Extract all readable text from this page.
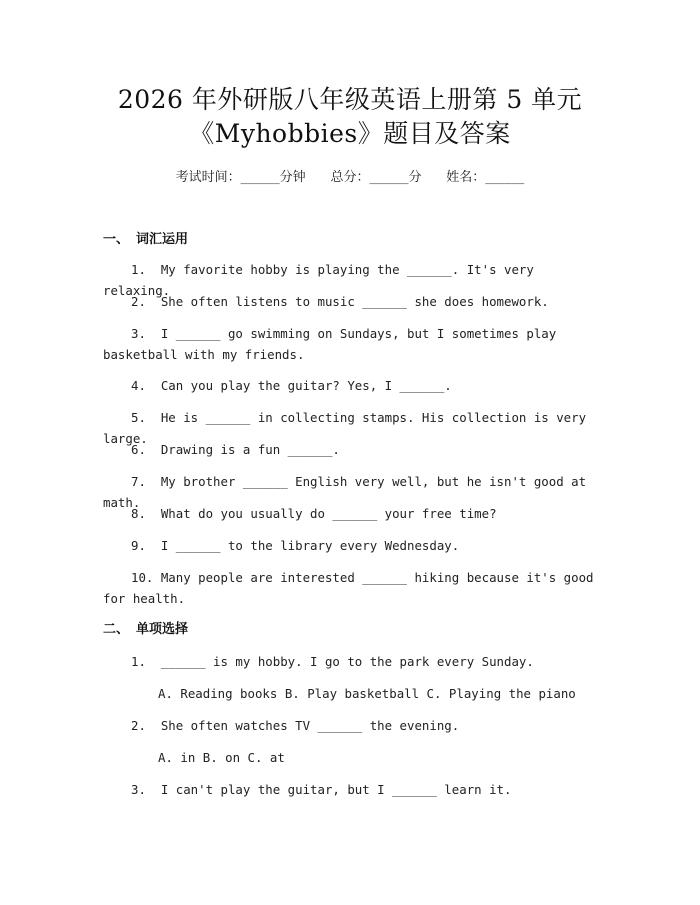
2026 年外研版八年级英语上册第 5 单元
《Myhobbies》题目及答案
考试时间：______分钟 总分：______分 姓名：______
一、 词汇运用
1.  My favorite hobby is playing the ______. It's very relaxing.
2.  She often listens to music ______ she does homework.
3.  I ______ go swimming on Sundays, but I sometimes play basketball with my friends.
4.  Can you play the guitar? Yes, I ______.
5.  He is ______ in collecting stamps. His collection is very large.
6.  Drawing is a fun ______.
7.  My brother ______ English very well, but he isn't good at math.
8.  What do you usually do ______ your free time?
9.  I ______ to the library every Wednesday.
10. Many people are interested ______ hiking because it's good for health.
二、 单项选择
1.  ______ is my hobby. I go to the park every Sunday.
A. Reading books B. Play basketball C. Playing the piano
2.  She often watches TV ______ the evening.
A. in B. on C. at
3.  I can't play the guitar, but I ______ learn it.
